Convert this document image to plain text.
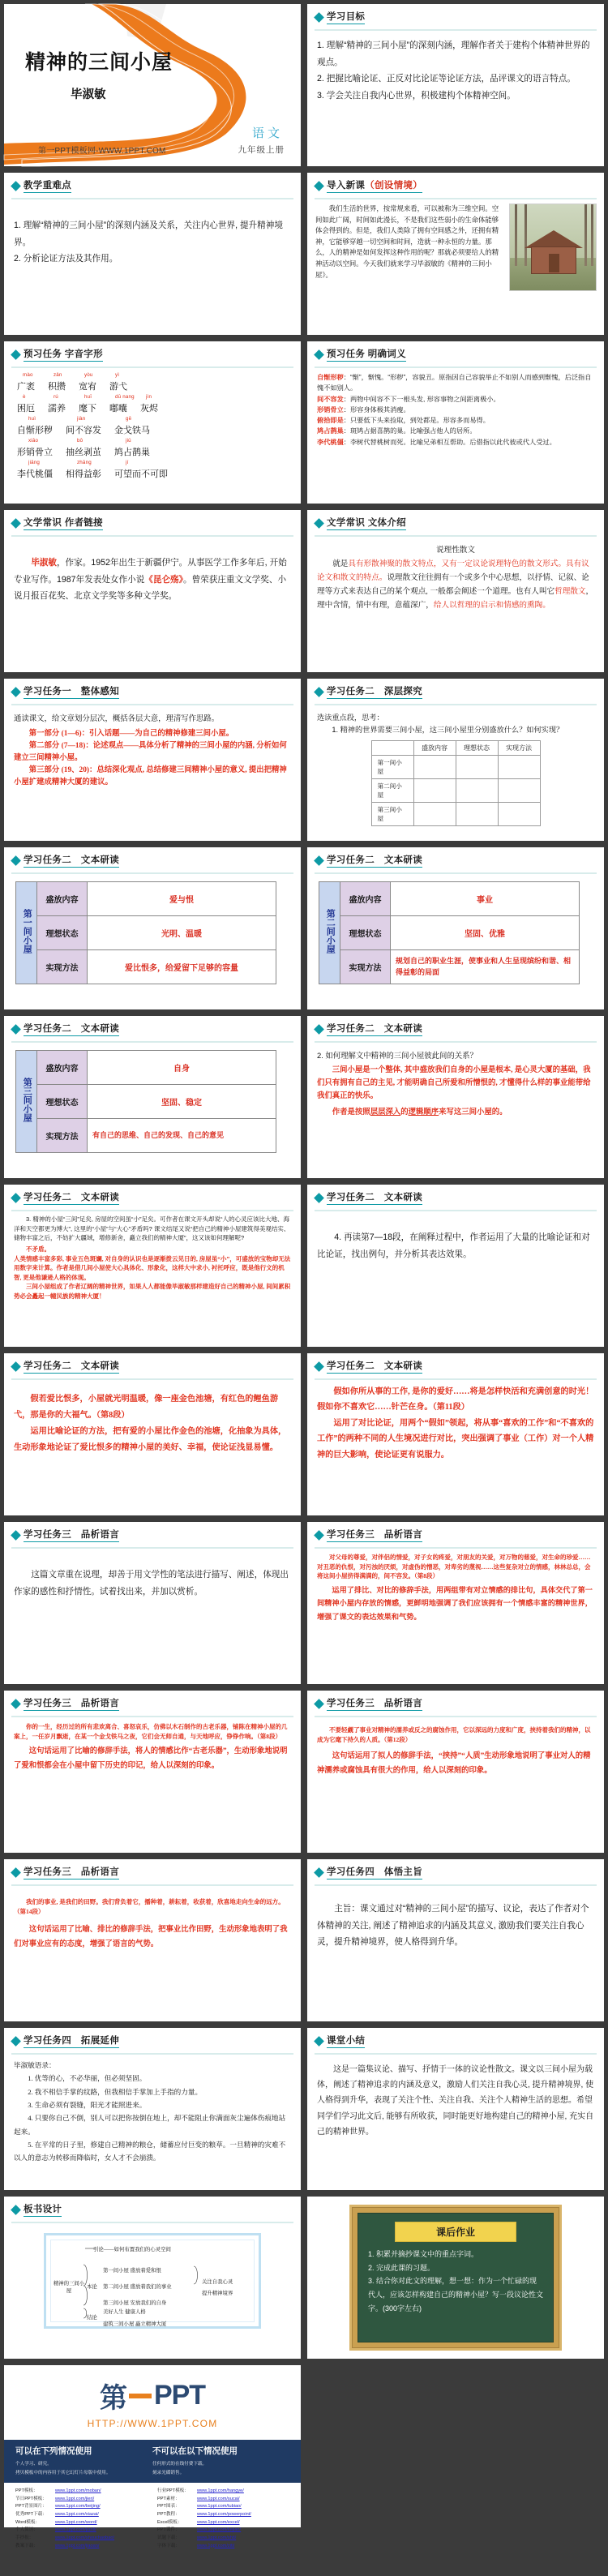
精神的三间小屋
毕淑敏
第一PPT模板网-WWW.1PPT.COM
语文
九年级上册
学习目标
1. 理解“精神的三间小屋”的深刻内涵，理解作者关于建构个体精神世界的观点。
2. 把握比喻论证、正反对比论证等论证方法，品评课文的语言特点。
3. 学会关注自我内心世界，积极建构个体精神空间。
教学重难点
1. 理解“精神的三间小屋”的深刻内涵及关系，关注内心世界, 提升精神境界。
2. 分析论证方法及其作用。
导入新课（创设情境）
我们生活的世界，按常规来看，可以被称为三维空间。空间如此广阔，时间如此漫长，不是我们这些弱小的生命体能够体会得到的。但是，我们人类除了拥有空间感之外，还拥有精神，它能够穿越一切空间和时间，造就一种永恒的力量。那么，人的精神是如何发挥这种作用的呢？那就必须要给人的精神活动以空间。今天我们就来学习毕淑敏的《精神的三间小屋》。
预习任务 字音字形
mào
广袤
zǎn
积攒
yòu
宽宥
yì
游弋
è
困厄
rú
濡养
huī
麾下
dū nang
嘟囔
jìn
灰烬
huì
自惭形秽
jiàn
间不容发
gē
金戈铁马
xiāo
形销骨立
bō
抽丝剥茧
jiū
鸠占鹊巢
jiāng
李代桃僵
zhāng
相得益彰
jí
可望而不可即
预习任务 明确词义
自惭形秽：“惭”，惭愧。“形秽”，容貌丑。原指因自己容貌举止不如别人而感到惭愧，后泛指自愧不如别人。
间不容发：两物中间容不下一根头发, 形容事物之间距离极小。
形销骨立：形容身体极其消瘦。
俯拾即是：只要低下头来捡取，到处都是。形容多而易得。
鸠占鹊巢：斑鸠占据喜鹊的巢。比喻强占他人的居所。
李代桃僵：李树代替桃树而死。比喻兄弟相互帮助。后借指以此代彼或代人受过。
文学常识 作者链接
毕淑敏，作家。1952年出生于新疆伊宁。从事医学工作多年后, 开始专业写作。1987年发表处女作小说《昆仑殇》。曾荣获庄重文文学奖、小说月报百花奖、北京文学奖等多种文学奖。
文学常识 文体介绍
说理性散文
就是具有形散神聚的散文特点，又有一定议论说理特色的散文形式。具有议论文和散文的特点。说理散文往往拥有一个或多个中心思想，以抒情、记叙、论理等方式来表达自己的某个观点, 一般都会阐述一个道理。也有人叫它哲理散文，理中含情，情中有理，意蕴深广，给人以哲理的启示和情感的熏陶。
学习任务一　整体感知
通读课文，给文章划分层次，概括各层大意，理清写作思路。
第一部分 (1—6)：引入话题——为自己的精神修建三间小屋。
第二部分 (7—18)：论述观点——具体分析了精神的三间小屋的内涵, 分析如何建立三间精神小屋。
第三部分 (19、20)：总结深化观点, 总结修建三间精神小屋的意义, 提出把精神小屋扩建成精神大厦的建议。
学习任务二　深层探究
选读重点段，思考：
1. 精神的世界需要三间小屋，这三间小屋里分别盛放什么？如何实现？
	盛放内容	理想状态	实现方法
第一间小屋			
第二间小屋			
第三间小屋			
学习任务二　文本研读
第一间小屋	盛放内容	爱与恨
	理想状态	光明、温暖
	实现方法	爱比恨多，给爱留下足够的容量
学习任务二　文本研读
第二间小屋	盛放内容	事业
	理想状态	坚固、优雅
	实现方法	规划自己的职业生涯，使事业和人生呈现缤纷和谐、相得益彰的局面
学习任务二　文本研读
第三间小屋	盛放内容	自身
	理想状态	坚固、稳定
	实现方法	有自己的思维、自己的发现、自己的意见
学习任务二　文本研读
2. 如何理解文中精神的三间小屋彼此间的关系？
三间小屋是一个整体, 其中盛放我们自身的小屋是根本, 是心灵大厦的基础，我们只有拥有自己的主见, 才能明确自己所爱和所憎恨的, 才懂得什么样的事业能带给我们真正的快乐。
作者是按照层层深入的逻辑顺序来写这三间小屋的。
学习任务二　文本研读
3. 精神的小屋“三间”足矣, 房屋的空间虽“小”足矣。可作者在课文开头却说“人的心灵应该比大地、海洋和天空都更为博大”, 这里的“小屋”与“大心”矛盾吗? 课文结尾又说“把自己的精神小屋建筑得美观结实、储物丰富之后，不妨扩大疆域，增修新舍，矗立我们的精神大厦”，这又该如何理解呢?
不矛盾。
人类情感丰富多彩, 事业五色斑斓, 对自身的认识也是逐渐拨云见日的, 房屋虽“小”，可盛放的宝物却无法用数字来计算。作者是借几间小屋使大心具体化、形象化，这样大中求小, 衬托呼应，既是他行文的机智, 更是他谦逊人格的体现。
三间小屋组成了作者辽阔的精神世界，如果人人都能像毕淑敏那样建造好自己的精神小屋, 间间累积势必会矗起一幢民族的精神大厦！
学习任务二　文本研读
4. 再读第7—18段，在阐释过程中，作者运用了大量的比喻论证和对比论证，找出例句，并分析其表达效果。
学习任务二　文本研读
假若爱比恨多，小屋就光明温暖，像一座金色池塘，有红色的鲤鱼游弋，那是你的大福气。（第8段）
运用比喻论证的方法，把有爱的小屋比作金色的池塘，化抽象为具体，生动形象地论证了爱比恨多的精神小屋的美好、幸福，使论证浅显易懂。
学习任务二　文本研读
假如你所从事的工作, 是你的爱好……将是怎样快活和充满创意的时光！假如你不喜欢它……针芒在身。（第11段）
运用了对比论证，用两个“假如”领起，将从事“喜欢的工作”和“不喜欢的工作”的两种不同的人生境况进行对比，突出强调了事业（工作）对一个人精神的巨大影响，使论证更有说服力。
学习任务三　品析语言
这篇文章重在说理，却善于用文学性的笔法进行描写、阐述，体现出作家的感性和抒情性。试着找出来，并加以赏析。
学习任务三　品析语言
对父母的尊爱，对伴侣的情爱，对子女的疼爱，对朋友的关爱，对万物的慈爱，对生命的珍爱……对丑恶的仇恨，对污浊的厌烦，对虚伪的憎恶，对卑劣的蔑视……这些复杂对立的情感，林林总总，会将这间小屋挤得满满的，间不容发。（第8段）
运用了排比、对比的修辞手法，用两组带有对立情感的排比句，具体交代了第一间精神小屋内存放的情感，更鲜明地强调了我们应该拥有一个情感丰富的精神世界，增强了课文的表达效果和气势。
学习任务三　品析语言
你的一生，经历过的所有悲欢离合、喜怒哀乐，仿佛以木石制作的古老乐器，铺陈在精神小屋的几案上，一任岁月飘逝，在某一个金戈铁马之夜，它们会无师自通，与天地呼应，铮铮作响。（第8段）
这句话运用了比喻的修辞手法，将人的情感比作“古老乐器”，生动形象地说明了爱和恨都会在小屋中留下历史的印记，给人以深刻的印象。
学习任务三　品析语言
不要轻觑了事业对精神的濡养或反之的腐蚀作用，它以深远的力度和广度，挟持着我们的精神，以成为它麾下持久的人质。（第12段）
这句话运用了拟人的修辞手法，“挟持”“人质”生动形象地说明了事业对人的精神濡养或腐蚀具有很大的作用，给人以深刻的印象。
学习任务三　品析语言
我们的事业, 是我们的田野。我们背负着它，播种着，耕耘着，收获着，欣喜地走向生命的远方。（第14段）
这句话运用了比喻、排比的修辞手法，把事业比作田野，生动形象地表明了我们对事业应有的态度，增强了语言的气势。
学习任务四　体悟主旨
主旨：课文通过对“精神的三间小屋”的描写、议论，表达了作者对个体精神的关注, 阐述了精神追求的内涵及其意义, 激励我们要关注自我心灵，提升精神境界，使人格得到升华。
学习任务四　拓展延伸
毕淑敏语录：
1. 优等的心，不必华丽，但必须坚固。
2. 我不相信手掌的纹路，但我相信手掌加上手指的力量。
3. 生命必须有裂缝，阳光才能照进来。
4. 只要你自己不倒，别人可以把你按倒在地上，却不能阻止你满面灰尘遍体伤痕地站起来。
5. 在平常的日子里，修建自己精神的粮仓，储蓄应付巨变的粮草。一旦精神的灾难不以人的意志为转移而降临时，女人才不会崩溃。
课堂小结
这是一篇集议论、描写、抒情于一体的议论性散文。课文以三间小屋为载体，阐述了精神追求的内涵及意义，激励人们关注自我心灵, 提升精神境界, 使人格得到升华，表现了关注个性、关注自我、关注个人精神生活的思想。希望同学们学习此文后, 能够有所收获，同时能更好地构建自己的精神小屋, 充实自己的精神世界。
板书设计
引论——如何布置我们的心灵空间
精神的三间小屋
本论
第一间小屋 盛放着爱和恨
第二间小屋 盛放着我们的事业
第三间小屋 安放我们的自身
关注自我心灵
提升精神境界
结论
美好人生 健康人格
建筑三间小屋 矗立精神大厦
课后作业
1. 积累并摘抄课文中的重点字词。
2. 完成此课的习题。
3. 结合你对此文的理解，想一想：作为一个忙碌的现代人，应该怎样构建自己的精神小屋？写一段议论性文字。(300字左右)
第 PPT
HTTP://WWW.1PPT.COM
可以在下列情况使用

个人学习、研究。

拷贝模板中的内容用于其它幻灯片母版中使用。

不可以在以下情况使用

任何形式的在线付费下载。

刻录光碟销售。

PPT模板：	www.1ppt.com/moban/
节日PPT模板：	www.1ppt.com/jieri/
PPT背景图片：	www.1ppt.com/beijing/
优秀PPT下载：	www.1ppt.com/xiazai/
Word模板：	www.1ppt.com/word/
个人简历：	www.1ppt.com/jianli/
手抄报：	www.1ppt.com/shouchaobao/
教案下载：	www.1ppt.com/jiaoan/
行业PPT模板：	www.1ppt.com/hangye/
PPT素材：	www.1ppt.com/sucai/
PPT图表：	www.1ppt.com/tubiao/
PPT教程：	www.1ppt.com/powerpoint/
Excel模板：	www.1ppt.com/excel/
PPT课件：	www.1ppt.com/kejian/
试题下载：	www.1ppt.com/shti/
字体下载：	www.1ppt.com/ziti/
